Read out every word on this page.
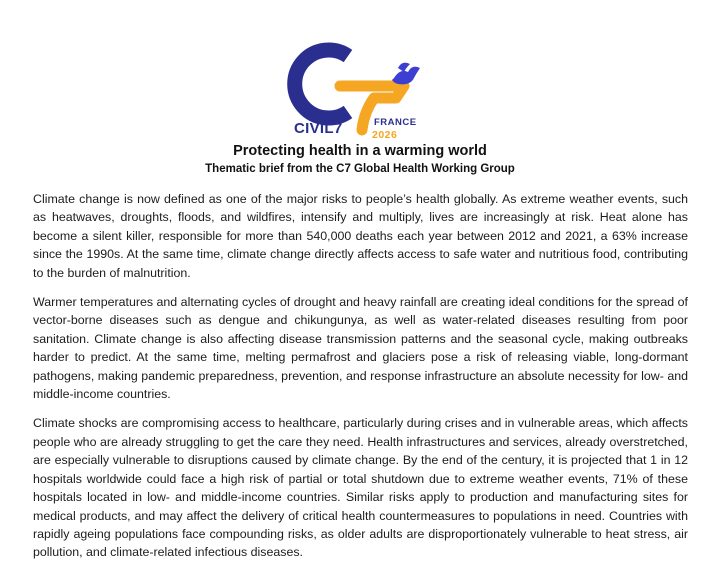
CIVIL7	FRANCE
2026
Protecting health in a warming world
Thematic brief from the C7 Global Health Working Group

Climate change is now defined as one of the major risks to people’s health globally. As extreme weather events, such as heatwaves, droughts, floods, and wildfires, intensify and multiply, lives are increasingly at risk. Heat alone has become a silent killer, responsible for more than 540,000 deaths each year between 2012 and 2021, a 63% increase since the 1990s. At the same time, climate change directly affects access to safe water and nutritious food, contributing to the burden of malnutrition.

Warmer temperatures and alternating cycles of drought and heavy rainfall are creating ideal conditions for the spread of vector-borne diseases such as dengue and chikungunya, as well as water-related diseases resulting from poor sanitation. Climate change is also affecting disease transmission patterns and the seasonal cycle, making outbreaks harder to predict. At the same time, melting permafrost and glaciers pose a risk of releasing viable, long-dormant pathogens, making pandemic preparedness, prevention, and response infrastructure an absolute necessity for low- and middle-income countries.

Climate shocks are compromising access to healthcare, particularly during crises and in vulnerable areas, which affects people who are already struggling to get the care they need. Health infrastructures and services, already overstretched, are especially vulnerable to disruptions caused by climate change. By the end of the century, it is projected that 1 in 12 hospitals worldwide could face a high risk of partial or total shutdown due to extreme weather events, 71% of these hospitals located in low- and middle-income countries. Similar risks apply to production and manufacturing sites for medical products, and may affect the delivery of critical health countermeasures to populations in need. Countries with rapidly ageing populations face compounding risks, as older adults are disproportionately vulnerable to heat stress, air pollution, and climate-related infectious diseases.
